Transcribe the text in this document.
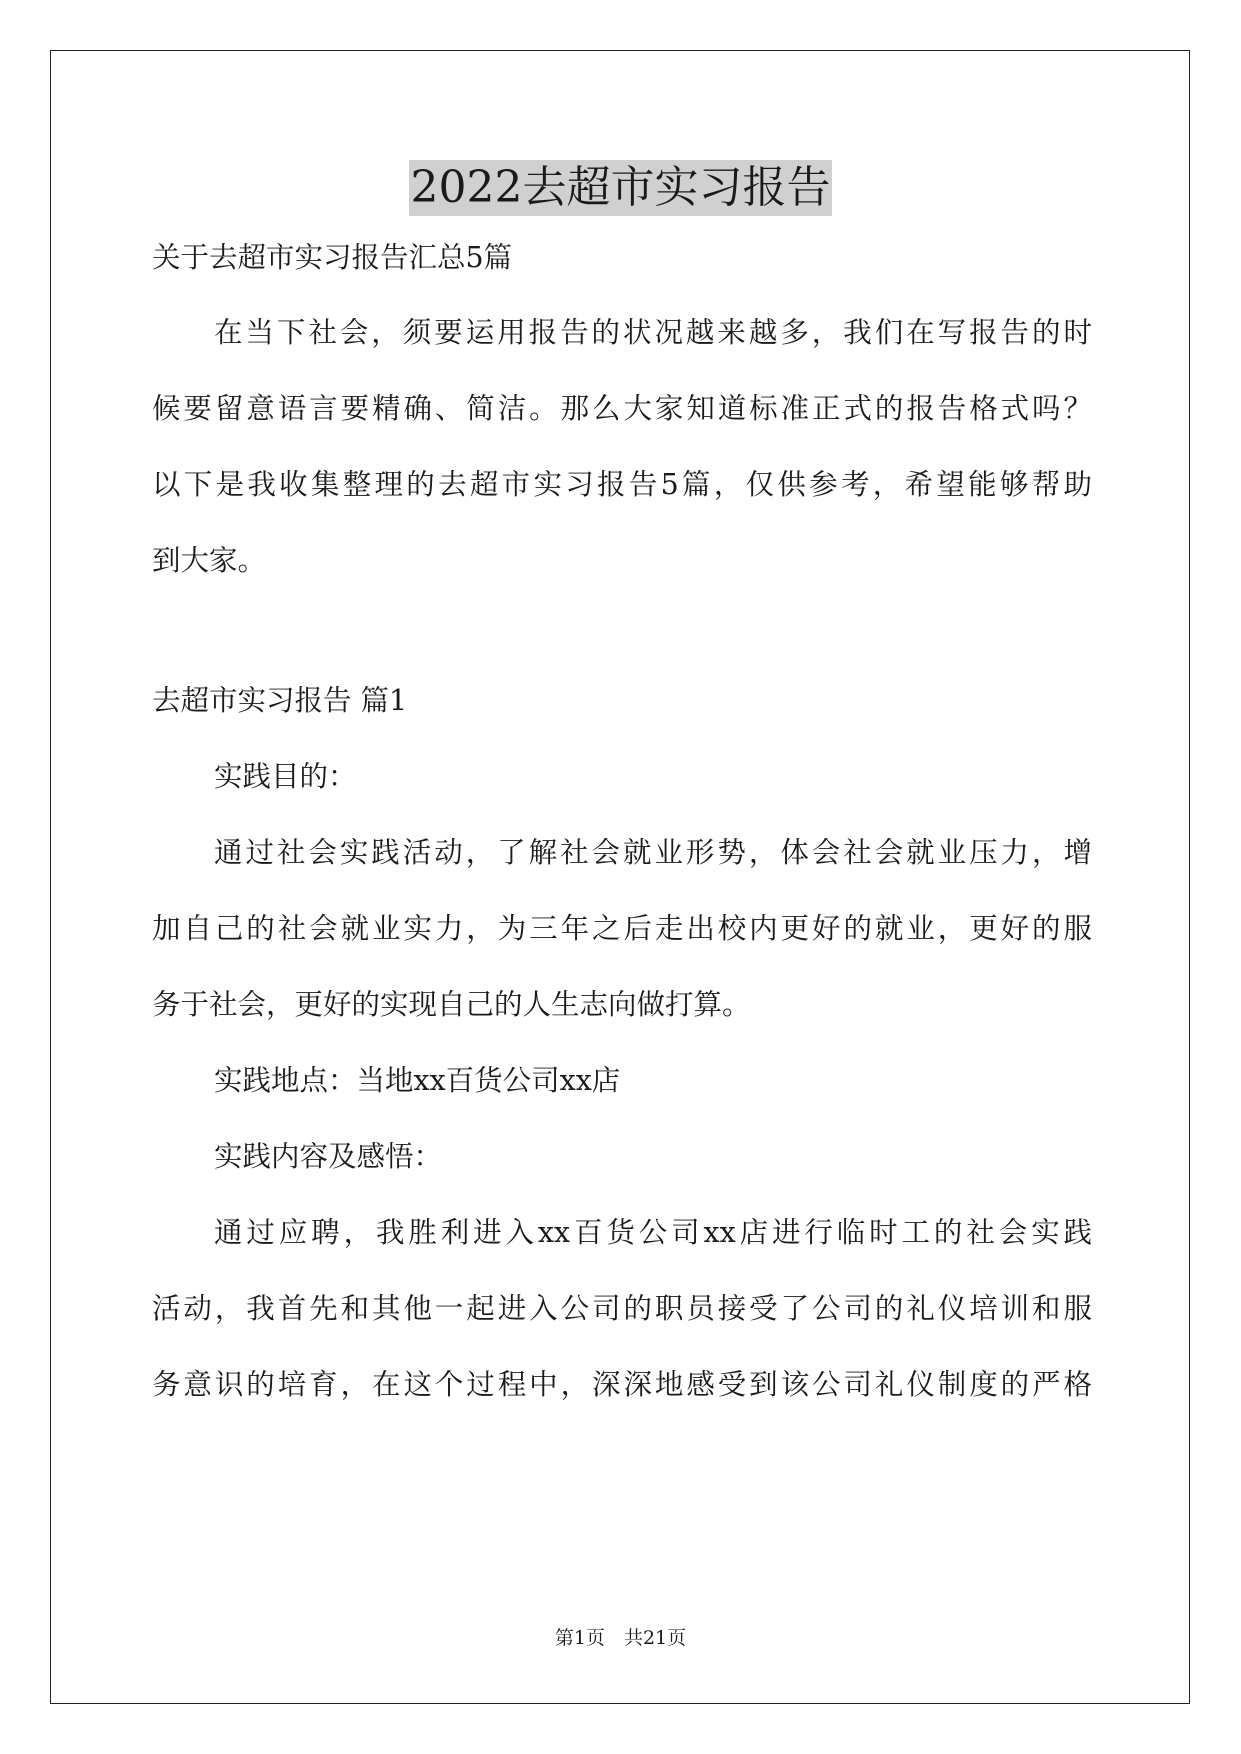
2022去超市实习报告

关于去超市实习报告汇总5篇

在当下社会，须要运用报告的状况越来越多，我们在写报告的时

候要留意语言要精确、简洁。那么大家知道标准正式的报告格式吗？

以下是我收集整理的去超市实习报告5篇，仅供参考，希望能够帮助

到大家。

去超市实习报告 篇1

实践目的：

通过社会实践活动，了解社会就业形势，体会社会就业压力，增

加自己的社会就业实力，为三年之后走出校内更好的就业，更好的服

务于社会，更好的实现自己的人生志向做打算。

实践地点：当地xx百货公司xx店

实践内容及感悟：

通过应聘，我胜利进入xx百货公司xx店进行临时工的社会实践

活动，我首先和其他一起进入公司的职员接受了公司的礼仪培训和服

务意识的培育，在这个过程中，深深地感受到该公司礼仪制度的严格

第1页　共21页
